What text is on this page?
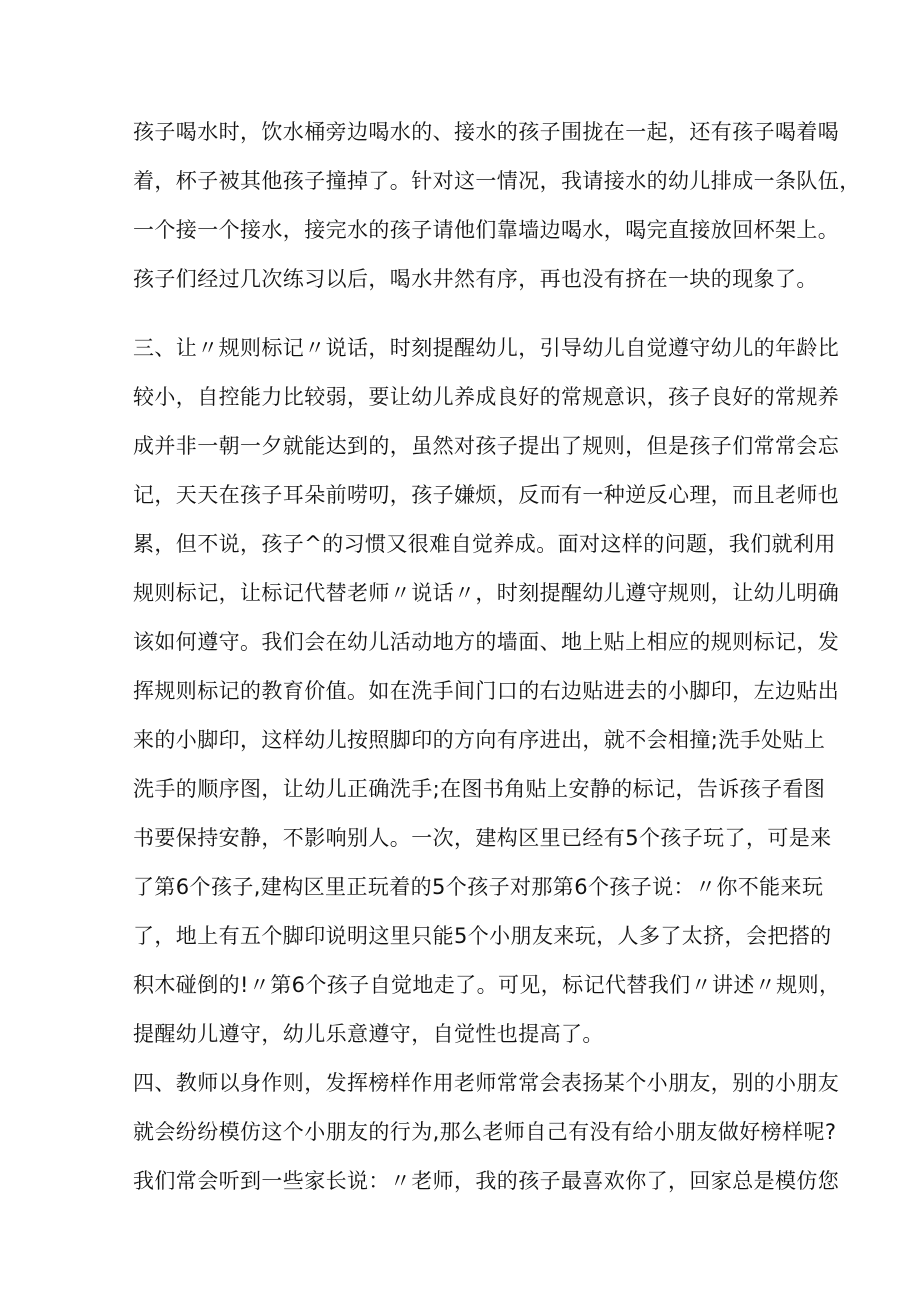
孩子喝水时，饮水桶旁边喝水的、接水的孩子围拢在一起，还有孩子喝着喝
着，杯子被其他孩子撞掉了。针对这一情况，我请接水的幼儿排成一条队伍，
一个接一个接水，接完水的孩子请他们靠墙边喝水，喝完直接放回杯架上。
孩子们经过几次练习以后，喝水井然有序，再也没有挤在一块的现象了。
三、让〃规则标记〃说话，时刻提醒幼儿，引导幼儿自觉遵守幼儿的年龄比
较小，自控能力比较弱，要让幼儿养成良好的常规意识，孩子良好的常规养
成并非一朝一夕就能达到的，虽然对孩子提出了规则，但是孩子们常常会忘
记，天天在孩子耳朵前唠叨，孩子嫌烦，反而有一种逆反心理，而且老师也
累，但不说，孩子^的习惯又很难自觉养成。面对这样的问题，我们就利用
规则标记，让标记代替老师〃说话〃，时刻提醒幼儿遵守规则，让幼儿明确
该如何遵守。我们会在幼儿活动地方的墙面、地上贴上相应的规则标记，发
挥规则标记的教育价值。如在洗手间门口的右边贴进去的小脚印，左边贴出
来的小脚印，这样幼儿按照脚印的方向有序进出，就不会相撞;洗手处贴上
洗手的顺序图，让幼儿正确洗手;在图书角贴上安静的标记，告诉孩子看图
书要保持安静，不影响别人。一次，建构区里已经有5个孩子玩了，可是来
了第6个孩子,建构区里正玩着的5个孩子对那第6个孩子说：〃你不能来玩
了，地上有五个脚印说明这里只能5个小朋友来玩，人多了太挤，会把搭的
积木碰倒的!〃第6个孩子自觉地走了。可见，标记代替我们〃讲述〃规则，
提醒幼儿遵守，幼儿乐意遵守，自觉性也提高了。
四、教师以身作则，发挥榜样作用老师常常会表扬某个小朋友，别的小朋友
就会纷纷模仿这个小朋友的行为,那么老师自己有没有给小朋友做好榜样呢?
我们常会听到一些家长说：〃老师，我的孩子最喜欢你了，回家总是模仿您
